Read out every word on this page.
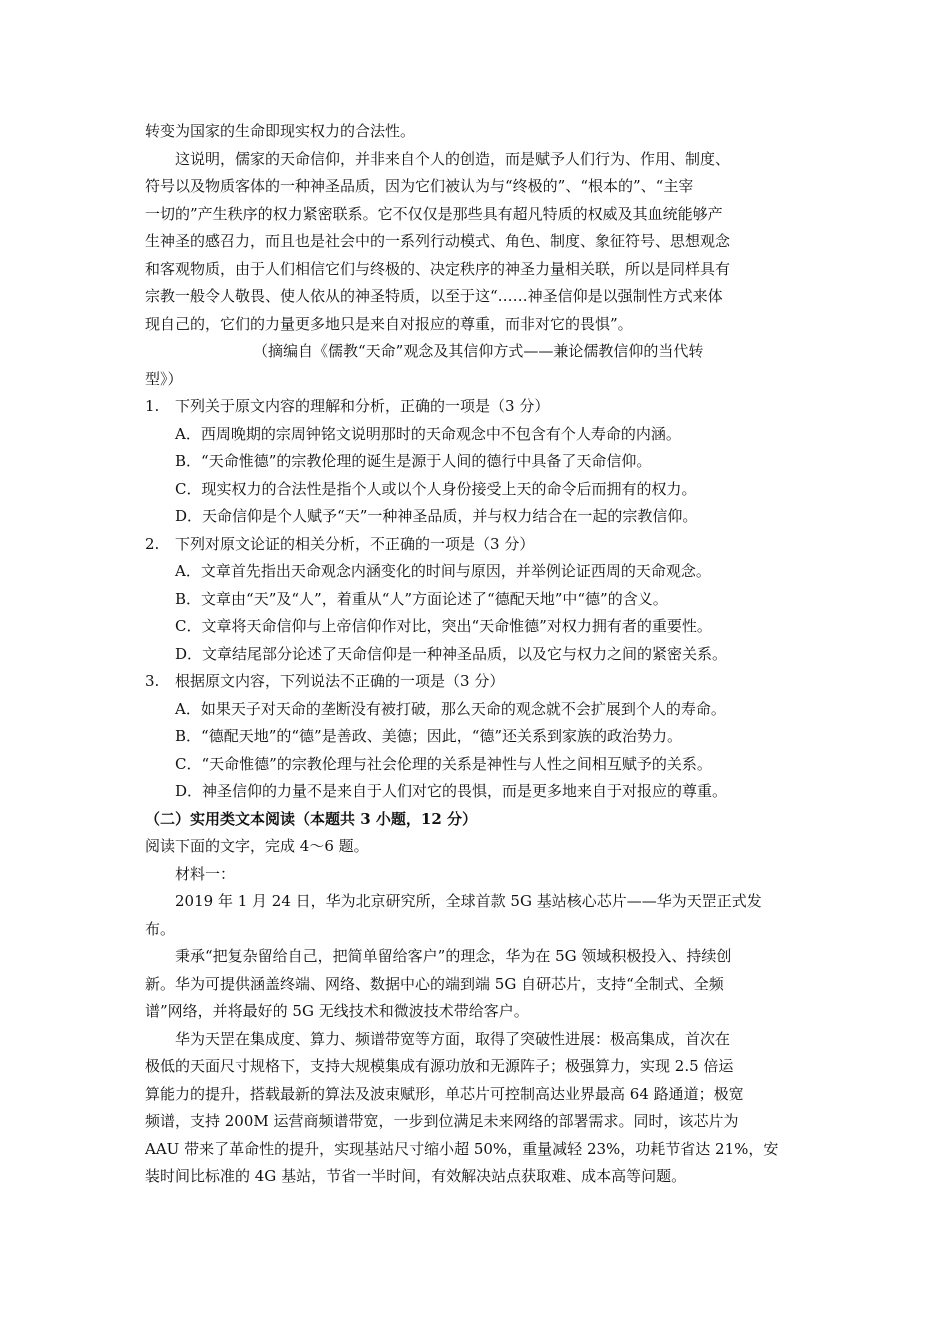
转变为国家的生命即现实权力的合法性。

这说明，儒家的天命信仰，并非来自个人的创造，而是赋予人们行为、作用、制度、

符号以及物质客体的一种神圣品质，因为它们被认为与“终极的”、“根本的”、“主宰

一切的”产生秩序的权力紧密联系。它不仅仅是那些具有超凡特质的权威及其血统能够产

生神圣的感召力，而且也是社会中的一系列行动模式、角色、制度、象征符号、思想观念

和客观物质，由于人们相信它们与终极的、决定秩序的神圣力量相关联，所以是同样具有

宗教一般令人敬畏、使人依从的神圣特质，以至于这“……神圣信仰是以强制性方式来体

现自己的，它们的力量更多地只是来自对报应的尊重，而非对它的畏惧”。

（摘编自《儒教“天命”观念及其信仰方式——兼论儒教信仰的当代转

型》）

1. 下列关于原文内容的理解和分析，正确的一项是（3 分）

A．西周晚期的宗周钟铭文说明那时的天命观念中不包含有个人寿命的内涵。

B．“天命惟德”的宗教伦理的诞生是源于人间的德行中具备了天命信仰。

C．现实权力的合法性是指个人或以个人身份接受上天的命令后而拥有的权力。

D．天命信仰是个人赋予“天”一种神圣品质，并与权力结合在一起的宗教信仰。

2. 下列对原文论证的相关分析，不正确的一项是（3 分）

A．文章首先指出天命观念内涵变化的时间与原因，并举例论证西周的天命观念。

B．文章由“天”及“人”，着重从“人”方面论述了“德配天地”中“德”的含义。

C．文章将天命信仰与上帝信仰作对比，突出“天命惟德”对权力拥有者的重要性。

D．文章结尾部分论述了天命信仰是一种神圣品质，以及它与权力之间的紧密关系。

3. 根据原文内容，下列说法不正确的一项是（3 分）

A．如果天子对天命的垄断没有被打破，那么天命的观念就不会扩展到个人的寿命。

B．“德配天地”的“德”是善政、美德；因此，“德”还关系到家族的政治势力。

C．“天命惟德”的宗教伦理与社会伦理的关系是神性与人性之间相互赋予的关系。

D．神圣信仰的力量不是来自于人们对它的畏惧，而是更多地来自于对报应的尊重。

（二）实用类文本阅读（本题共 3 小题，12 分）

阅读下面的文字，完成 4～6 题。

材料一：

2019 年 1 月 24 日，华为北京研究所，全球首款 5G 基站核心芯片——华为天罡正式发

布。

秉承“把复杂留给自己，把简单留给客户”的理念，华为在 5G 领域积极投入、持续创

新。华为可提供涵盖终端、网络、数据中心的端到端 5G 自研芯片，支持“全制式、全频

谱”网络，并将最好的 5G 无线技术和微波技术带给客户。

华为天罡在集成度、算力、频谱带宽等方面，取得了突破性进展：极高集成，首次在

极低的天面尺寸规格下，支持大规模集成有源功放和无源阵子；极强算力，实现 2.5 倍运

算能力的提升，搭载最新的算法及波束赋形，单芯片可控制高达业界最高 64 路通道；极宽

频谱，支持 200M 运营商频谱带宽，一步到位满足未来网络的部署需求。同时，该芯片为

AAU 带来了革命性的提升，实现基站尺寸缩小超 50%，重量减轻 23%，功耗节省达 21%，安

装时间比标准的 4G 基站，节省一半时间，有效解决站点获取难、成本高等问题。
